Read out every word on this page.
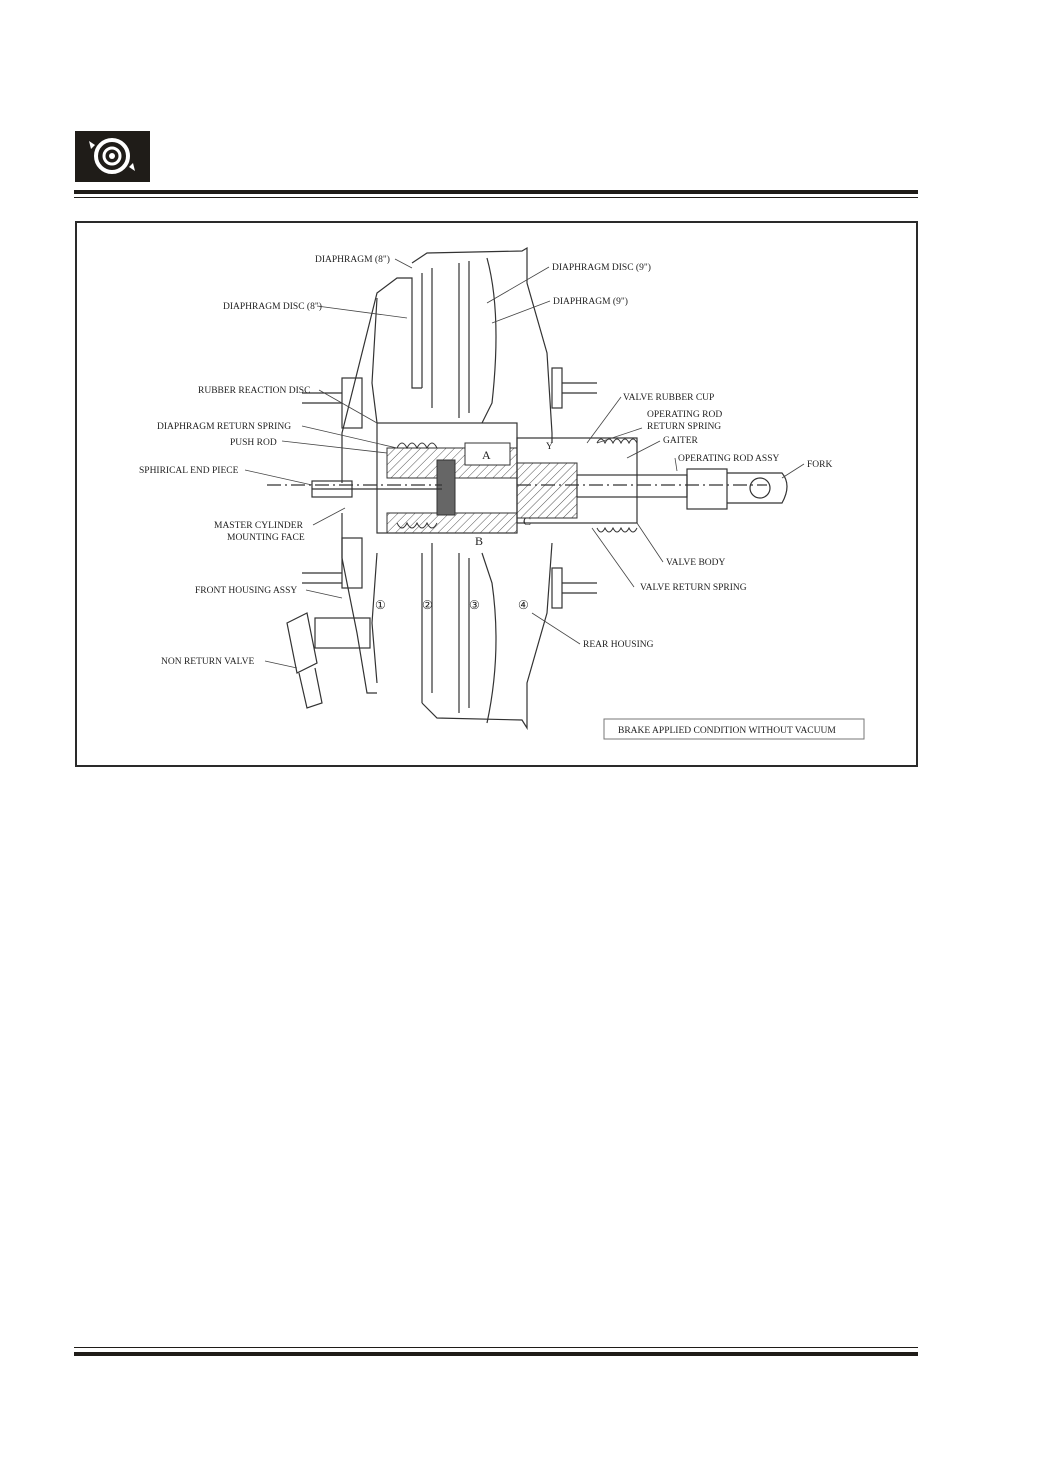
DIAPHRAGM (8")
DIAPHRAGM DISC (8")
DIAPHRAGM DISC (9")
DIAPHRAGM (9")
RUBBER REACTION DISC
DIAPHRAGM RETURN SPRING
PUSH ROD
SPHIRICAL END PIECE
MASTER CYLINDER
MOUNTING FACE
FRONT HOUSING ASSY
NON RETURN VALVE
VALVE RUBBER CUP
OPERATING ROD
RETURN SPRING
GAITER
OPERATING ROD ASSY
FORK
VALVE BODY
VALVE RETURN SPRING
REAR HOUSING
A
B
C
Y
①	②	③	④
BRAKE APPLIED CONDITION WITHOUT VACUUM
